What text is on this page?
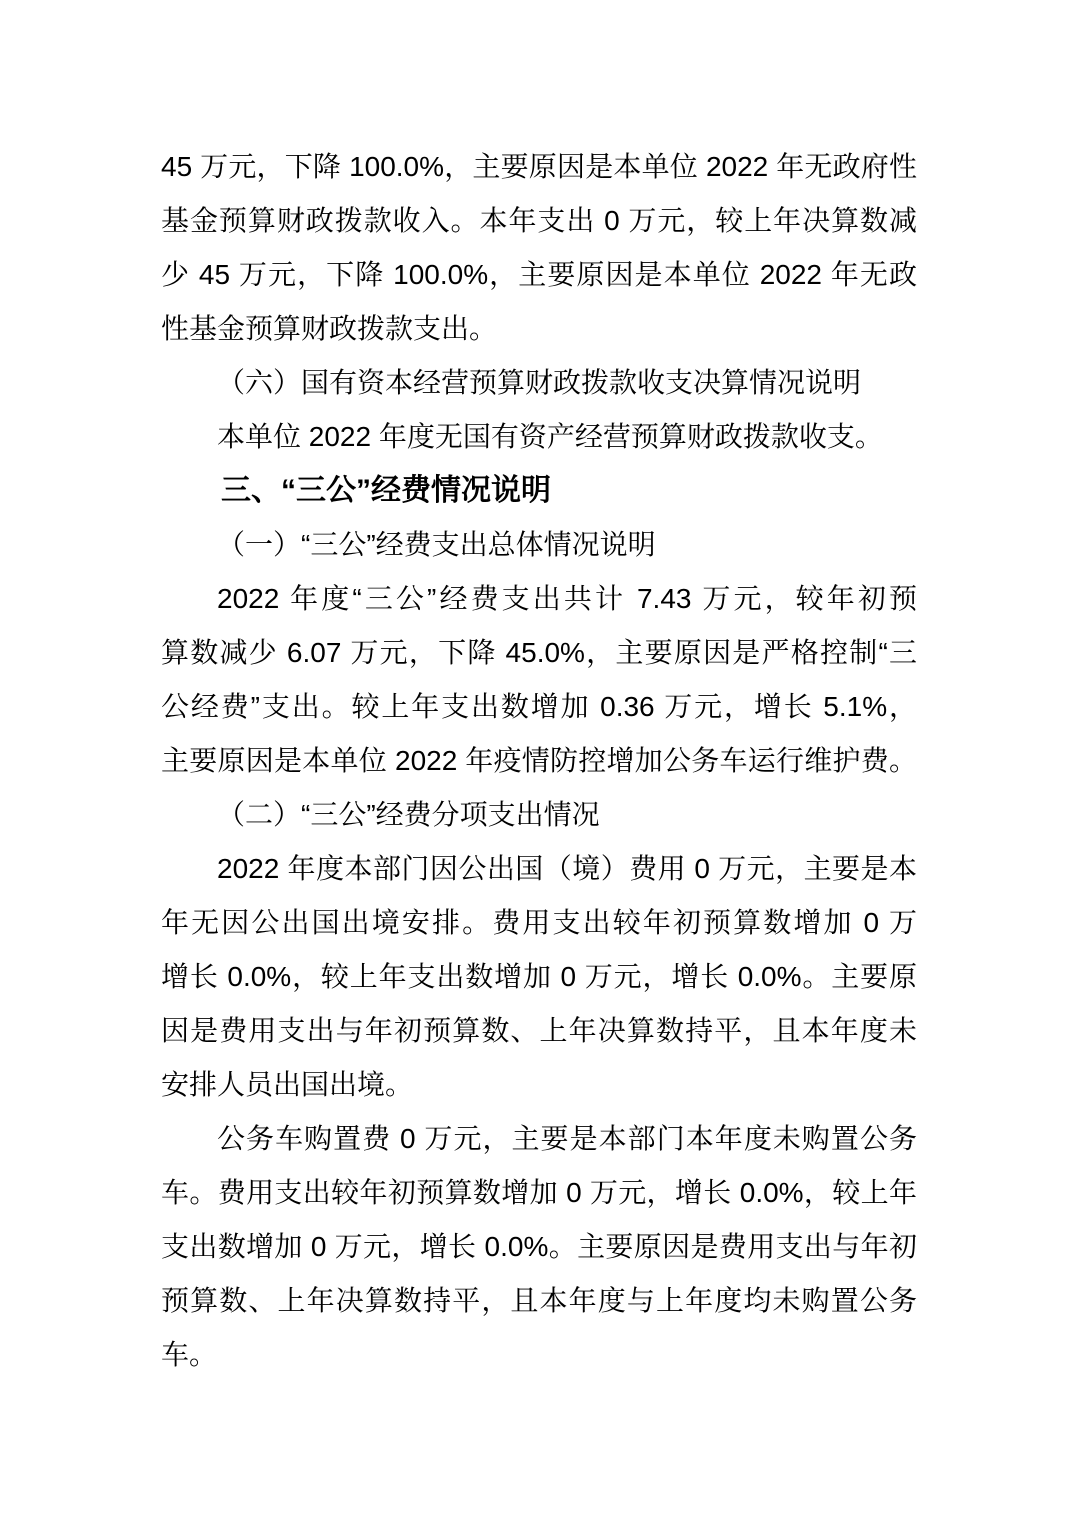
45 万元，下降 100.0%，主要原因是本单位 2022 年无政府性
基金预算财政拨款收入。本年支出 0 万元，较上年决算数减
少 45 万元，下降 100.0%，主要原因是本单位 2022 年无政
性基金预算财政拨款支出。
（六）国有资本经营预算财政拨款收支决算情况说明
本单位 2022 年度无国有资产经营预算财政拨款收支。
三、“三公”经费情况说明
（一）“三公”经费支出总体情况说明
2022 年度“三公”经费支出共计 7.43 万元，较年初预
算数减少 6.07 万元，下降 45.0%，主要原因是严格控制“三
公经费”支出。较上年支出数增加 0.36 万元，增长 5.1%，
主要原因是本单位 2022 年疫情防控增加公务车运行维护费。
（二）“三公”经费分项支出情况
2022 年度本部门因公出国（境）费用 0 万元，主要是本
年无因公出国出境安排。费用支出较年初预算数增加 0 万
增长 0.0%，较上年支出数增加 0 万元，增长 0.0%。主要原
因是费用支出与年初预算数、上年决算数持平，且本年度未
安排人员出国出境。
公务车购置费 0 万元，主要是本部门本年度未购置公务
车。费用支出较年初预算数增加 0 万元，增长 0.0%，较上年
支出数增加 0 万元，增长 0.0%。主要原因是费用支出与年初
预算数、上年决算数持平，且本年度与上年度均未购置公务
车。
